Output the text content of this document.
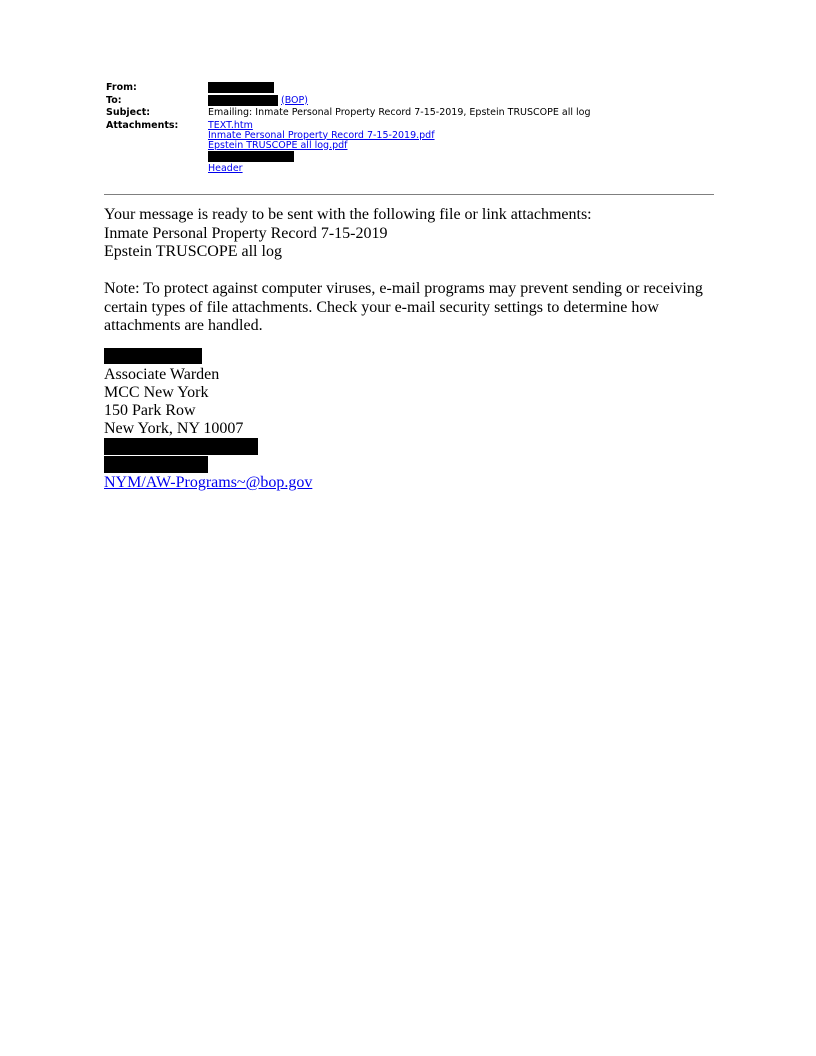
From:
To:	(BOP)
Subject:	Emailing: Inmate Personal Property Record 7-15-2019, Epstein TRUSCOPE all log
Attachments:	TEXT.htm
Inmate Personal Property Record 7-15-2019.pdf
Epstein TRUSCOPE all log.pdf
Header

Your message is ready to be sent with the following file or link attachments:

Inmate Personal Property Record 7-15-2019

Epstein TRUSCOPE all log

Note: To protect against computer viruses, e-mail programs may prevent sending or receiving certain types of file attachments. Check your e-mail security settings to determine how attachments are handled.

Associate Warden
MCC New York
150 Park Row
New York, NY 10007
NYM/AW-Programs~@bop.gov
